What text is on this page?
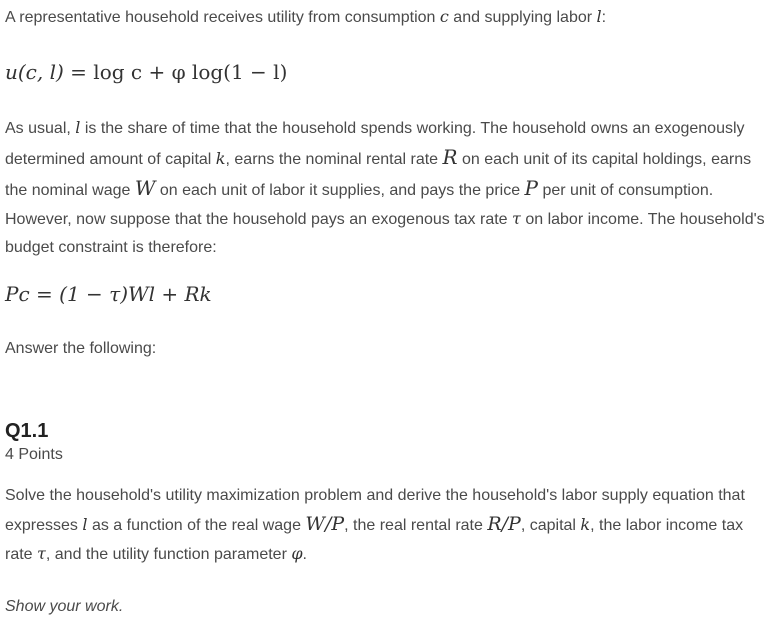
A representative household receives utility from consumption c and supplying labor l:

u(c, l) = log c + φ log(1 − l)

As usual, l is the share of time that the household spends working. The household owns an exogenously determined amount of capital k, earns the nominal rental rate R on each unit of its capital holdings, earns the nominal wage W on each unit of labor it supplies, and pays the price P per unit of consumption. However, now suppose that the household pays an exogenous tax rate τ on labor income. The household's budget constraint is therefore:

Pc = (1 − τ)Wl + Rk

Answer the following:

Q1.1
4 Points

Solve the household's utility maximization problem and derive the household's labor supply equation that expresses l as a function of the real wage W/P, the real rental rate R/P, capital k, the labor income tax rate τ, and the utility function parameter φ.

Show your work.
